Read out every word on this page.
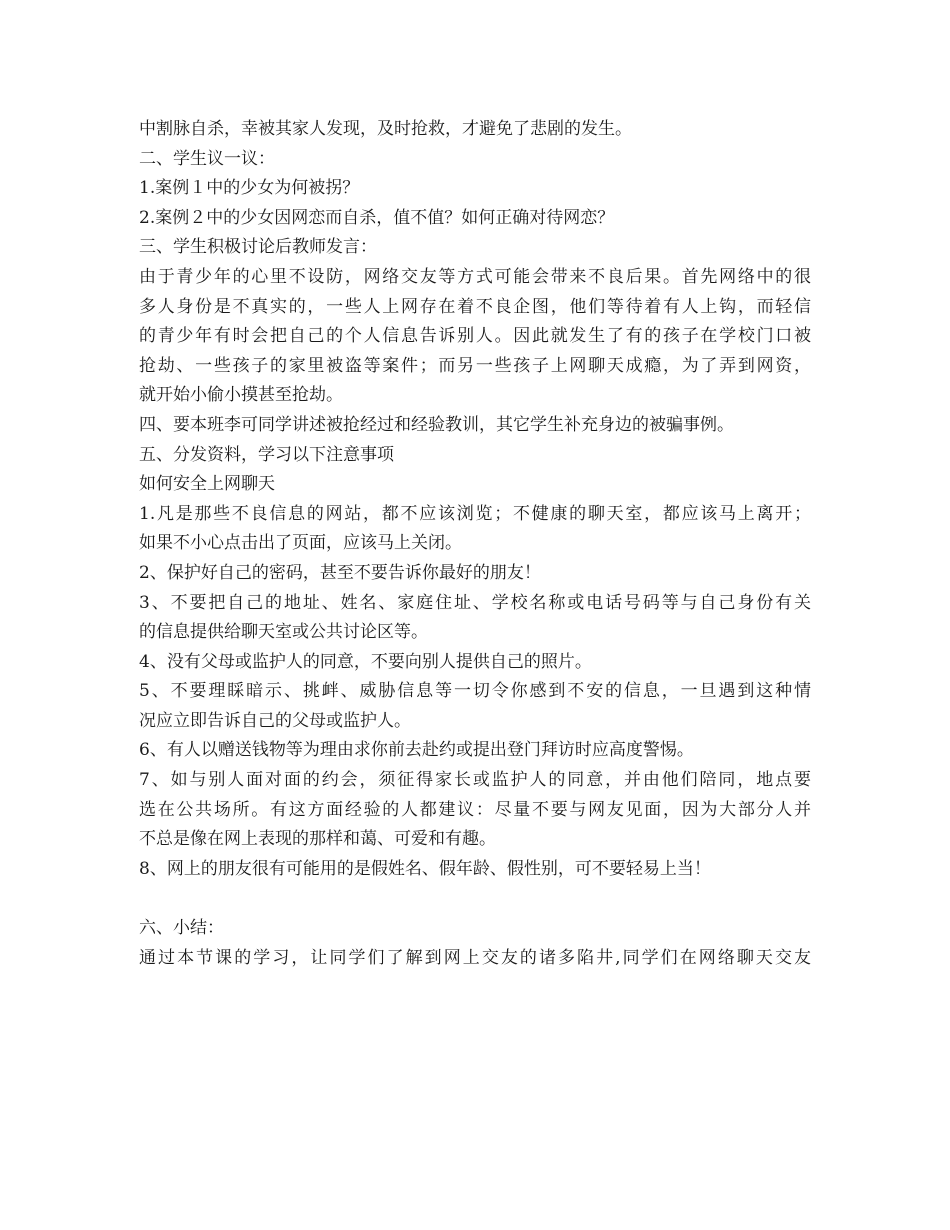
中割脉自杀，幸被其家人发现，及时抢救，才避免了悲剧的发生。
二、学生议一议：
1.案例１中的少女为何被拐？
2.案例２中的少女因网恋而自杀，值不值？如何正确对待网恋？
三、学生积极讨论后教师发言：
由于青少年的心里不设防，网络交友等方式可能会带来不良后果。首先网络中的很
多人身份是不真实的，一些人上网存在着不良企图，他们等待着有人上钩，而轻信
的青少年有时会把自己的个人信息告诉别人。因此就发生了有的孩子在学校门口被
抢劫、一些孩子的家里被盗等案件；而另一些孩子上网聊天成瘾，为了弄到网资，
就开始小偷小摸甚至抢劫。
四、要本班李可同学讲述被抢经过和经验教训，其它学生补充身边的被骗事例。
五、分发资料，学习以下注意事项
如何安全上网聊天
1.凡是那些不良信息的网站，都不应该浏览；不健康的聊天室，都应该马上离开；
如果不小心点击出了页面，应该马上关闭。
2、保护好自己的密码，甚至不要告诉你最好的朋友！
3、不要把自己的地址、姓名、家庭住址、学校名称或电话号码等与自己身份有关
的信息提供给聊天室或公共讨论区等。
4、没有父母或监护人的同意，不要向别人提供自己的照片。
5、不要理睬暗示、挑衅、威胁信息等一切令你感到不安的信息，一旦遇到这种情
况应立即告诉自己的父母或监护人。
6、有人以赠送钱物等为理由求你前去赴约或提出登门拜访时应高度警惕。
7、如与别人面对面的约会，须征得家长或监护人的同意，并由他们陪同，地点要
选在公共场所。有这方面经验的人都建议：尽量不要与网友见面，因为大部分人并
不总是像在网上表现的那样和蔼、可爱和有趣。
8、网上的朋友很有可能用的是假姓名、假年龄、假性别，可不要轻易上当！
六、小结：
通过本节课的学习，让同学们了解到网上交友的诸多陷井,同学们在网络聊天交友
